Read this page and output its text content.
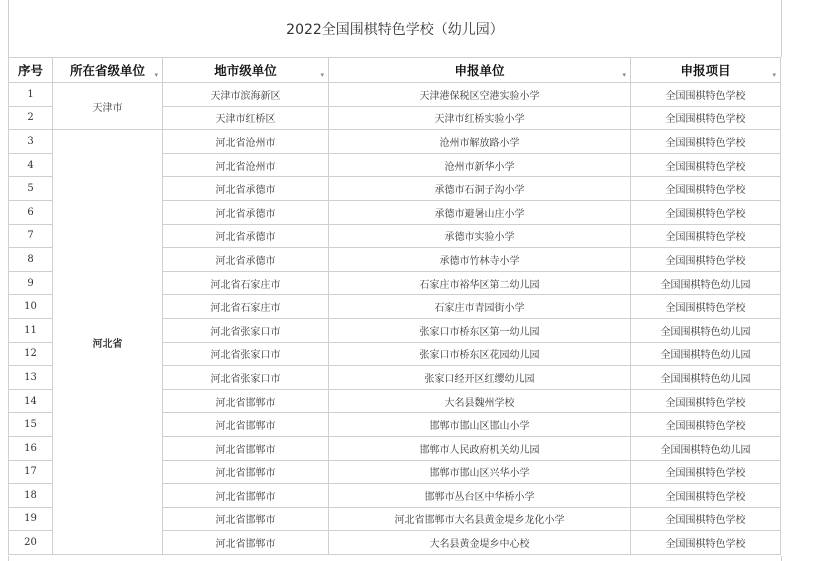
2022全国围棋特色学校（幼儿园）
序号	所在省级单位 ▾	地市级单位 ▾	申报单位 ▾	申报项目 ▾

1	天津市	天津市滨海新区	天津港保税区空港实验小学	全国围棋特色学校
2		天津市红桥区	天津市红桥实验小学	全国围棋特色学校
3	河北省	河北省沧州市	沧州市解放路小学	全国围棋特色学校
4		河北省沧州市	沧州市新华小学	全国围棋特色学校
5		河北省承德市	承德市石洞子沟小学	全国围棋特色学校
6		河北省承德市	承德市避暑山庄小学	全国围棋特色学校
7		河北省承德市	承德市实验小学	全国围棋特色学校
8		河北省承德市	承德市竹林寺小学	全国围棋特色学校
9		河北省石家庄市	石家庄市裕华区第二幼儿园	全国围棋特色幼儿园
10		河北省石家庄市	石家庄市青园街小学	全国围棋特色学校
11		河北省张家口市	张家口市桥东区第一幼儿园	全国围棋特色幼儿园
12		河北省张家口市	张家口市桥东区花园幼儿园	全国围棋特色幼儿园
13		河北省张家口市	张家口经开区红缨幼儿园	全国围棋特色幼儿园
14		河北省邯郸市	大名县魏州学校	全国围棋特色学校
15		河北省邯郸市	邯郸市邯山区邯山小学	全国围棋特色学校
16		河北省邯郸市	邯郸市人民政府机关幼儿园	全国围棋特色幼儿园
17		河北省邯郸市	邯郸市邯山区兴华小学	全国围棋特色学校
18		河北省邯郸市	邯郸市丛台区中华桥小学	全国围棋特色学校
19		河北省邯郸市	河北省邯郸市大名县黄金堤乡龙化小学	全国围棋特色学校
20		河北省邯郸市	大名县黄金堤乡中心校	全国围棋特色学校
